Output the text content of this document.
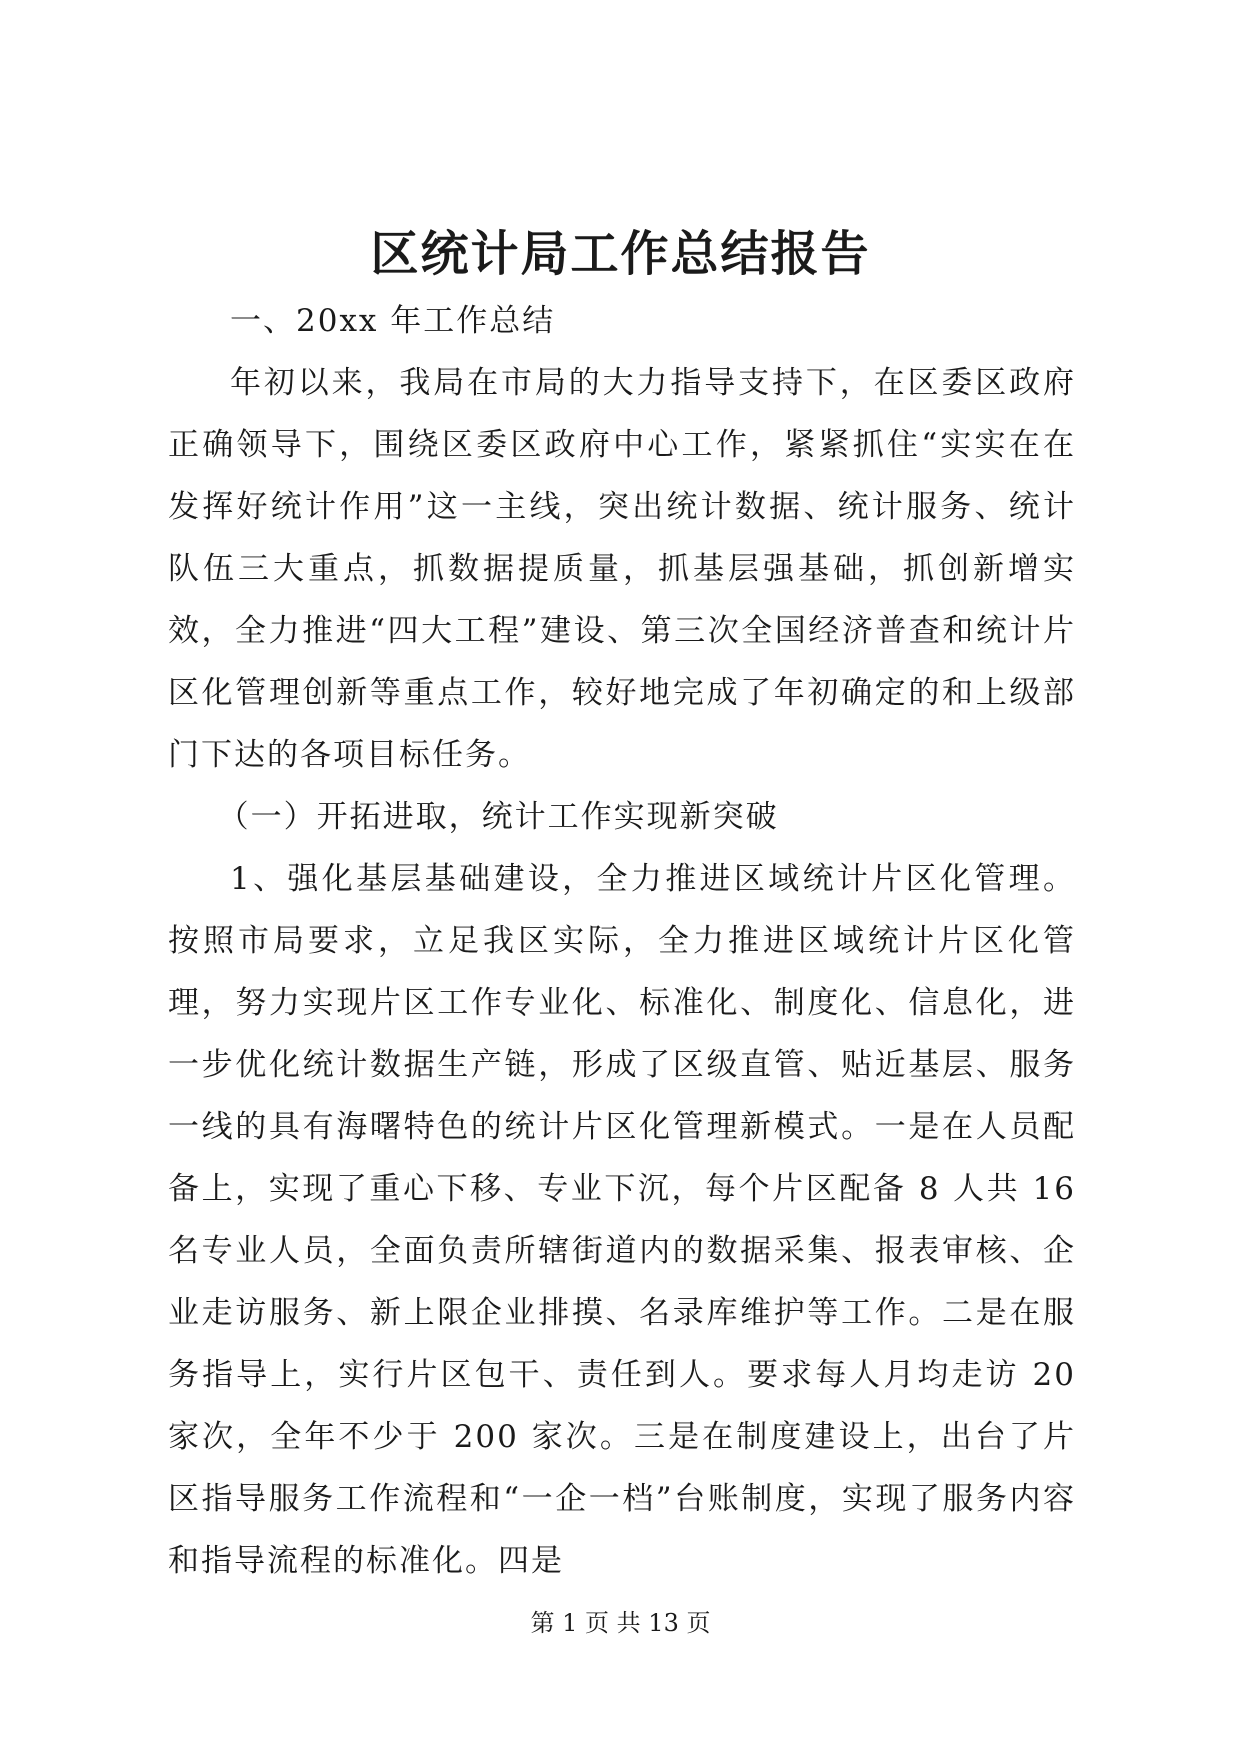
区统计局工作总结报告

一、20xx 年工作总结

年初以来，我局在市局的大力指导支持下，在区委区政府正确领导下，围绕区委区政府中心工作，紧紧抓住“实实在在发挥好统计作用”这一主线，突出统计数据、统计服务、统计队伍三大重点，抓数据提质量，抓基层强基础，抓创新增实效，全力推进“四大工程”建设、第三次全国经济普查和统计片区化管理创新等重点工作，较好地完成了年初确定的和上级部门下达的各项目标任务。

（一）开拓进取，统计工作实现新突破

1、强化基层基础建设，全力推进区域统计片区化管理。按照市局要求，立足我区实际，全力推进区域统计片区化管理，努力实现片区工作专业化、标准化、制度化、信息化，进一步优化统计数据生产链，形成了区级直管、贴近基层、服务一线的具有海曙特色的统计片区化管理新模式。一是在人员配备上，实现了重心下移、专业下沉，每个片区配备 8 人共 16 名专业人员，全面负责所辖街道内的数据采集、报表审核、企业走访服务、新上限企业排摸、名录库维护等工作。二是在服务指导上，实行片区包干、责任到人。要求每人月均走访 20 家次，全年不少于 200 家次。三是在制度建设上，出台了片区指导服务工作流程和“一企一档”台账制度，实现了服务内容和指导流程的标准化。四是

第 1 页 共 13 页
